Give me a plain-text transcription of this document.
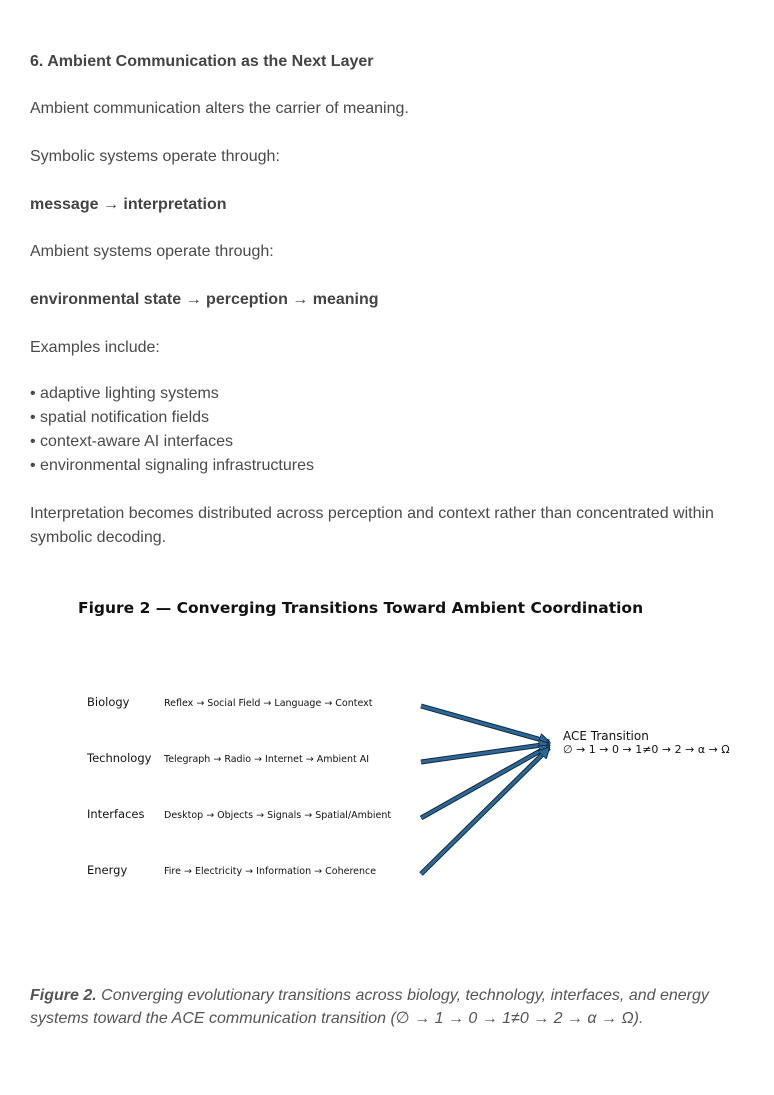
6. Ambient Communication as the Next Layer
Ambient communication alters the carrier of meaning.
Symbolic systems operate through:
message → interpretation
Ambient systems operate through:
environmental state → perception → meaning
Examples include:
• adaptive lighting systems
• spatial notification fields
• context-aware AI interfaces
• environmental signaling infrastructures
Interpretation becomes distributed across perception and context rather than concentrated within symbolic decoding.
Figure 2 — Converging Transitions Toward Ambient Coordination
Biology	Reflex → Social Field → Language → Context
Technology Telegraph → Radio → Internet → Ambient AI
Interfaces Desktop → Objects → Signals → Spatial/Ambient
Energy	Fire → Electricity → Information → Coherence
ACE Transition
∅ → 1 → 0 → 1≠0 → 2 → α → Ω
Figure 2. Converging evolutionary transitions across biology, technology, interfaces, and energy systems toward the ACE communication transition (∅ → 1 → 0 → 1≠0 → 2 → α → Ω).
